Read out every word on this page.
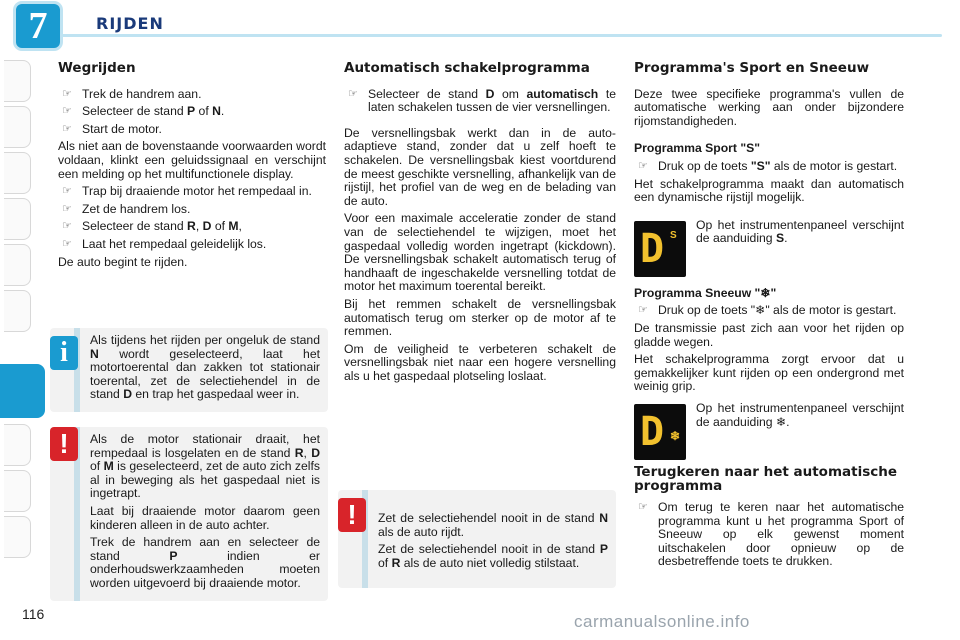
7	RIJDEN
Wegrijden
☞ Trek de handrem aan.
☞ Selecteer de stand P of N.
☞ Start de motor.

Als niet aan de bovenstaande voorwaarden wordt voldaan, klinkt een geluidssignaal en verschijnt een melding op het multifunctionele display.

☞ Trap bij draaiende motor het rempedaal in.
☞ Zet de handrem los.
☞ Selecteer de stand R, D of M,
☞ Laat het rempedaal geleidelijk los.

De auto begint te rijden.

i	Als tijdens het rijden per ongeluk de stand N wordt geselecteerd, laat het motortoerental dan zakken tot stationair toerental, zet de selectiehendel in de stand D en trap het gaspedaal weer in.

!	Als de motor stationair draait, het rempedaal is losgelaten en de stand R, D of M is geselecteerd, zet de auto zich zelfs al in beweging als het gaspedaal niet is ingetrapt.

Laat bij draaiende motor daarom geen kinderen alleen in de auto achter.

Trek de handrem aan en selecteer de stand P indien er onderhoudswerkzaamheden moeten worden uitgevoerd bij draaiende motor.

Automatisch schakelprogramma
☞ Selecteer de stand D om automatisch te laten schakelen tussen de vier versnellingen.

De versnellingsbak werkt dan in de auto-adaptieve stand, zonder dat u zelf hoeft te schakelen. De versnellingsbak kiest voortdurend de meest geschikte versnelling, afhankelijk van de rijstijl, het profiel van de weg en de belading van de auto.

Voor een maximale acceleratie zonder de stand van de selectiehendel te wijzigen, moet het gaspedaal volledig worden ingetrapt (kickdown). De versnellingsbak schakelt automatisch terug of handhaaft de ingeschakelde versnelling totdat de motor het maximum toerental bereikt.

Bij het remmen schakelt de versnellingsbak automatisch terug om sterker op de motor af te remmen.

Om de veiligheid te verbeteren schakelt de versnellingsbak niet naar een hogere versnelling als u het gaspedaal plotseling loslaat.

!	Zet de selectiehendel nooit in de stand N als de auto rijdt.

Zet de selectiehendel nooit in de stand P of R als de auto niet volledig stilstaat.

Programma's Sport en Sneeuw

Deze twee specifieke programma's vullen de automatische werking aan onder bijzondere rijomstandigheden.

Programma Sport "S"
☞ Druk op de toets "S" als de motor is gestart.

Het schakelprogramma maakt dan automatisch een dynamische rijstijl mogelijk.

D S

Op het instrumentenpaneel verschijnt de aanduiding S.

Programma Sneeuw "❄"
☞ Druk op de toets "❄" als de motor is gestart.

De transmissie past zich aan voor het rijden op gladde wegen.

Het schakelprogramma zorgt ervoor dat u gemakkelijker kunt rijden op een ondergrond met weinig grip.

D ❄

Op het instrumentenpaneel verschijnt de aanduiding ❄.

Terugkeren naar het automatische programma
☞ Om terug te keren naar het automatische programma kunt u het programma Sport of Sneeuw op elk gewenst moment uitschakelen door opnieuw op de desbetreffende toets te drukken.
116	carmanualsonline.info
